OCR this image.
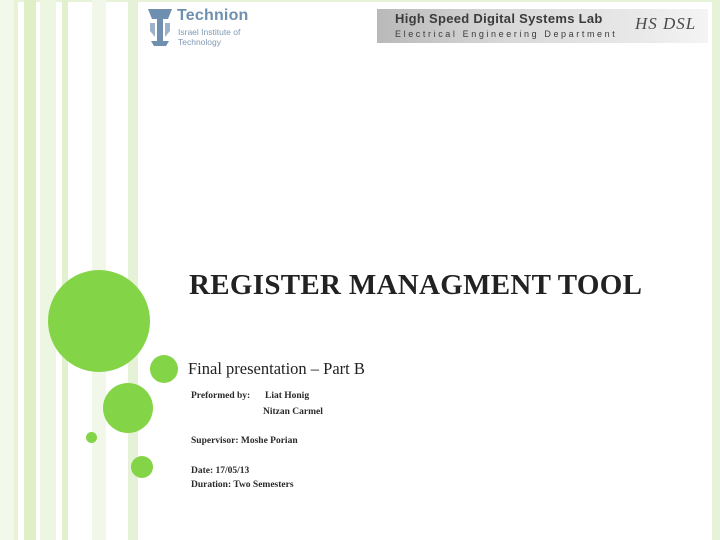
Technion
Israel Institute of
Technology
High Speed Digital Systems Lab
Electrical Engineering Department
HS DSL
REGISTER MANAGMENT TOOL

Final presentation – Part B

Preformed by: Liat Honig
Nitzan Carmel
Supervisor: Moshe Porian
Date: 17/05/13
Duration: Two Semesters
